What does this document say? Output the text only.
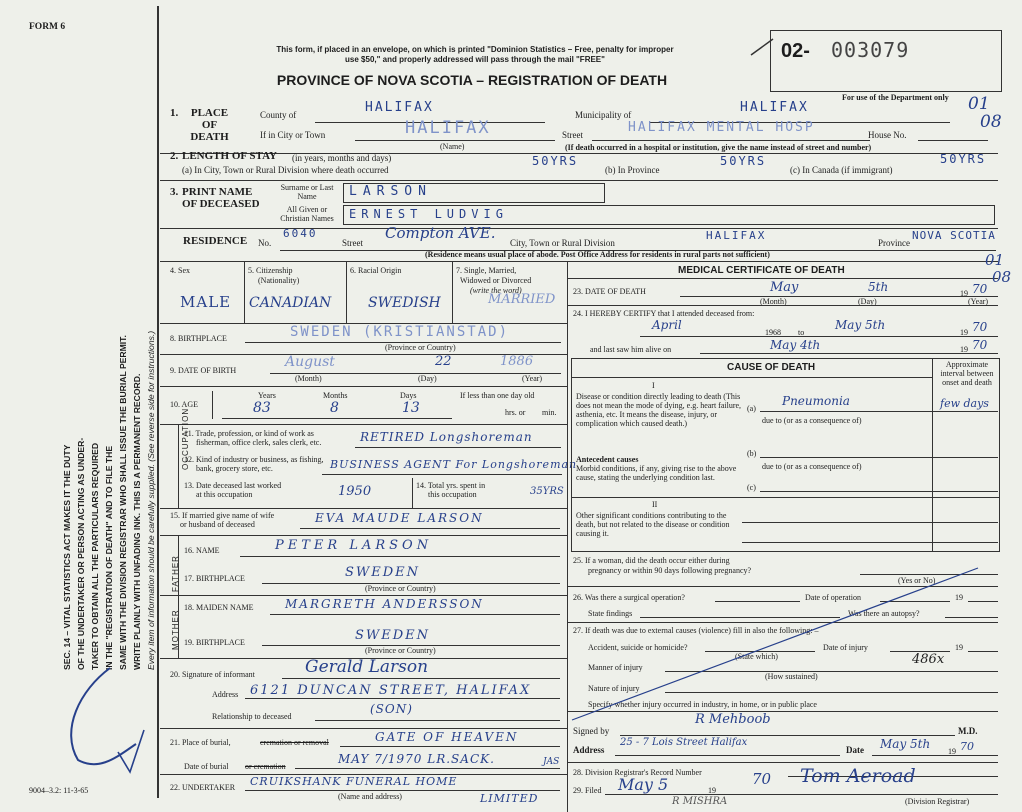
FORM 6
SEC. 14 – VITAL STATISTICS ACT MAKES IT THE DUTY OF THE UNDERTAKER OR PERSON ACTING AS UNDER- TAKER TO OBTAIN ALL THE PARTICULARS REQUIRED IN THE "REGISTRATION OF DEATH" AND TO FILE THE SAME WITH THE DIVISION REGISTRAR WHO SHALL ISSUE THE BURIAL PERMIT. WRITE PLAINLY WITH UNFADING INK. THIS IS A PERMANENT RECORD. Every item of information should be carefully supplied. (See reverse side for instructions.)
9004–3.2: 11-3-65
This form, if placed in an envelope, on which is printed "Dominion Statistics – Free, penalty for improper
use $50," and properly addressed will pass through the mail "FREE"
PROVINCE OF NOVA SCOTIA – REGISTRATION OF DEATH
02- 003079
For use of the Department only 01
08
1.	PLACE OF DEATH
County of	HALIFAX	Municipality of	HALIFAX
If in City or Town	HALIFAX
(Name)
Street	HALIFAX MENTAL HOSP	House No.
(If death occurred in a hospital or institution, give the name instead of street and number)
2. LENGTH OF STAY (in years, months and days)
(a) In City, Town or Rural Division where death occurred
50YRS
(b) In Province
50YRS
(c) In Canada (if immigrant)
50YRS
3. PRINT NAME OF DECEASED
Surname or Last Name	LARSON
All Given or Christian Names	ERNEST LUDVIG
RESIDENCE No.
6040
Street
Compton AVE.
City, Town or Rural Division
HALIFAX
Province
NOVA SCOTIA
(Residence means usual place of abode. Post Office Address for residents in rural parts not sufficient)
4. Sex	5. Citizenship
(Nationality)
6. Racial Origin	7. Single, Married,
Widowed or Divorced
(write the word)
MALE CANADIAN	SWEDISH	MARRIED
8. BIRTHPLACE	SWEDEN (KRISTIANSTAD)
(Province or Country)
9. DATE OF BIRTH
August	22	1886
(Month)	(Day)	(Year)
10. AGE
Years	Months	Days	If less than one day old
83	8	13	hrs. or min.
OCCUPATION
11. Trade, profession, or kind of work as
fisherman, office clerk, sales clerk, etc.	RETIRED Longshoreman
12. Kind of industry or business, as fishing,
bank, grocery store, etc.	BUSINESS AGENT For Longshoreman
13. Date deceased last worked
at this occupation	1950	14. Total yrs. spent in
this occupation	35YRS
15. If married give name of wife
or husband of deceased	EVA MAUDE LARSON
FATHER
16. NAME	PETER LARSON
17. BIRTHPLACE	SWEDEN
(Province or Country)
MOTHER
18. MAIDEN NAME	MARGRETH ANDERSSON
19. BIRTHPLACE	SWEDEN
(Province or Country)
20. Signature of informant	Gerald Larson
Address 6121 DUNCAN STREET, HALIFAX
(SON)
Relationship to deceased
21. Place of burial,	cremation or removal	GATE OF HEAVEN
Date of burial or cremation
MAY 7/1970 LR.SACK.	JAS
22. UNDERTAKER CRUIKSHANK FUNERAL HOME
(Name and address)	LIMITED
MEDICAL CERTIFICATE OF DEATH
01
08
23. DATE OF DEATH	May	5th	19 70
(Month)	(Day)	(Year)
24. I HEREBY CERTIFY that I attended deceased from:
April
1968 to
May 5th
19 70
and last saw him alive on	May 4th	19 70
CAUSE OF DEATH	Approximate interval between onset and death
I
Disease or condition directly leading to death (This does not mean the mode of dying, e.g. heart failure, asthenia, etc. It means the disease, injury, or complication which caused death.)
(a)
Pneumonia	few days
due to (or as a consequence of)
Antecedent causes
Morbid conditions, if any, giving rise to the above cause, stating the underlying condition last.
(b)
due to (or as a consequence of)
(c)
II
Other significant conditions contributing to the death, but not related to the disease or condition causing it.
25. If a woman, did the death occur either during
pregnancy or within 90 days following pregnancy?
(Yes or No)
26. Was there a surgical operation?	Date of operation	19
State findings	Was there an autopsy?
27. If death was due to external causes (violence) fill in also the following: –
Accident, suicide or homicide?
(State which)
Date of injury	19
Manner of injury
486x
(How sustained)
Nature of injury
Specify whether injury occurred in industry, in home, or in public place
Signed by
R Mehboob
M.D.
Address
25 - 7 Lois Street Halifax
Date May 5th
19 70
28. Division Registrar's Record Number
29. Filed May 5	19
70 Tom Aeroad
R MISHRA	(Division Registrar)
